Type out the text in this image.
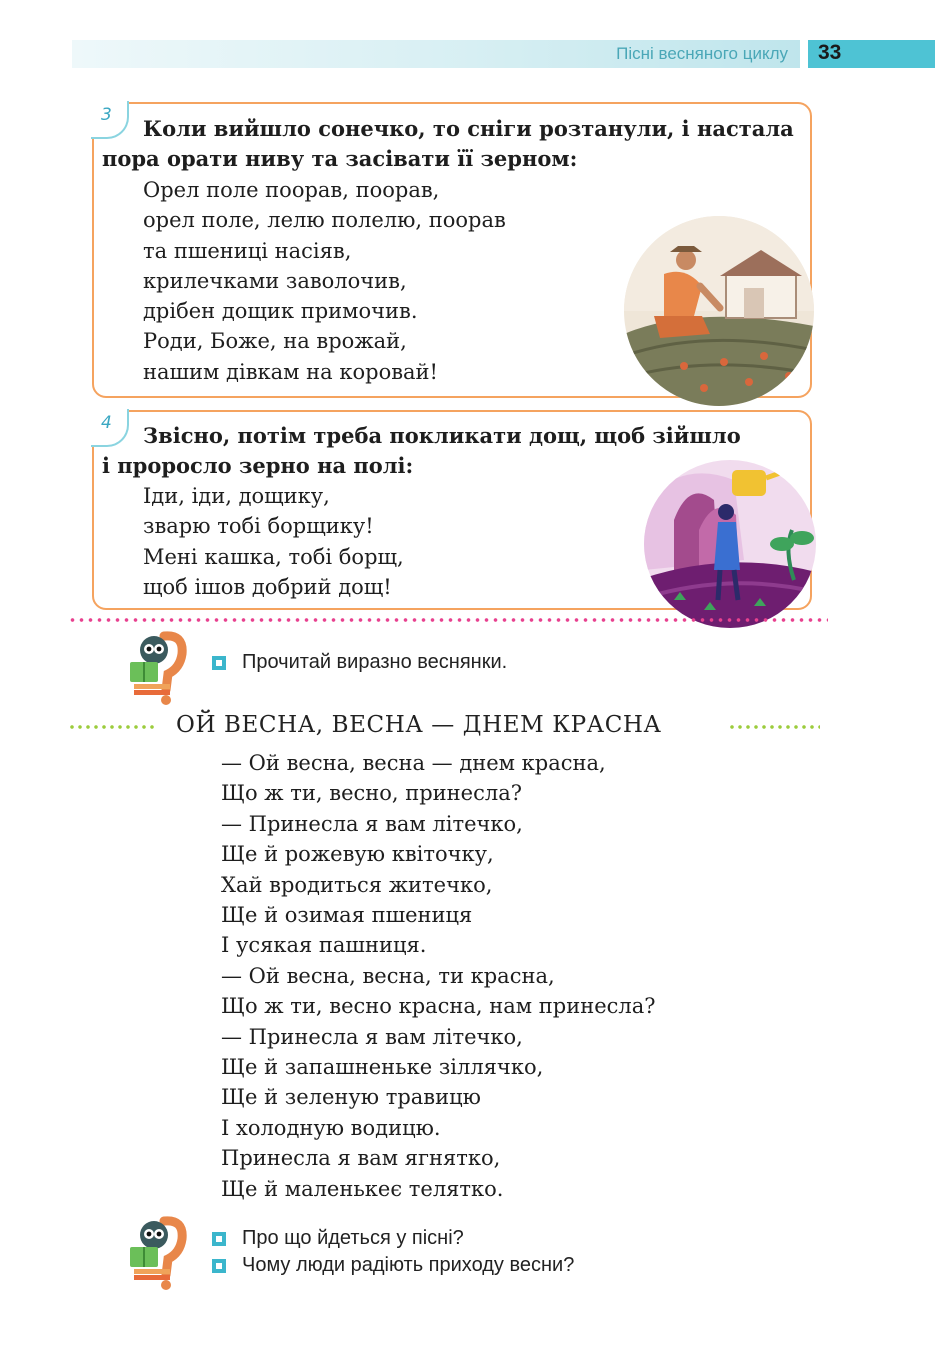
Пісні весняного циклу 33
3

Коли вийшло сонечко, то сніги розтанули, і настала

пора орати ниву та засівати її зерном:

Орел поле поорав, поорав,
орел поле, лелю полелю, поорав
та пшениці насіяв,
крилечками заволочив,
дрібен дощик примочив.
Роди, Боже, на врожай,
нашим дівкам на коровай!
4 Звісно, потім треба покликати дощ, щоб зійшло

і проросло зерно на полі:

Іди, іди, дощику,
зварю тобі борщику!
Мені кашка, тобі борщ,
щоб ішов добрий дощ!
Прочитай виразно веснянки.
ОЙ ВЕСНА, ВЕСНА — ДНЕМ КРАСНА
— Ой весна, весна — днем красна,
Що ж ти, весно, принесла?
— Принесла я вам літечко,
Ще й рожевую квіточку,
Хай вродиться житечко,
Ще й озимая пшениця
І усякая пашниця.
— Ой весна, весна, ти красна,
Що ж ти, весно красна, нам принесла?
— Принесла я вам літечко,
Ще й запашненьке зіллячко,
Ще й зеленую травицю
І холодную водицю.
Принесла я вам ягнятко,
Ще й маленькеє телятко.
Про що йдеться у пісні?
Чому люди радіють приходу весни?
